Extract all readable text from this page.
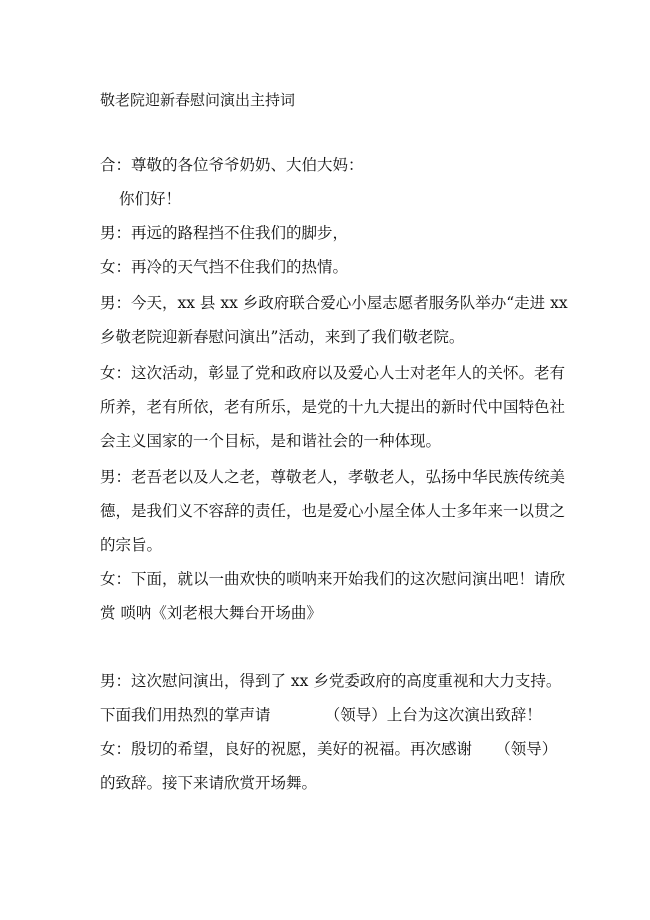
敬老院迎新春慰问演出主持词
合：尊敬的各位爷爷奶奶、大伯大妈：
你们好！
男：再远的路程挡不住我们的脚步，
女：再冷的天气挡不住我们的热情。
男：今天，xx 县 xx 乡政府联合爱心小屋志愿者服务队举办“走进 xx
乡敬老院迎新春慰问演出”活动，来到了我们敬老院。
女：这次活动，彰显了党和政府以及爱心人士对老年人的关怀。老有
所养，老有所依，老有所乐，是党的十九大提出的新时代中国特色社
会主义国家的一个目标，是和谐社会的一种体现。
男：老吾老以及人之老，尊敬老人，孝敬老人，弘扬中华民族传统美
德，是我们义不容辞的责任，也是爱心小屋全体人士多年来一以贯之
的宗旨。
女：下面，就以一曲欢快的唢呐来开始我们的这次慰问演出吧！请欣
赏 唢呐《刘老根大舞台开场曲》
男：这次慰问演出，得到了 xx 乡党委政府的高度重视和大力支持。
下面我们用热烈的掌声请　　　　（领导）上台为这次演出致辞！
女：殷切的希望，良好的祝愿，美好的祝福。再次感谢　　（领导）
的致辞。接下来请欣赏开场舞。
